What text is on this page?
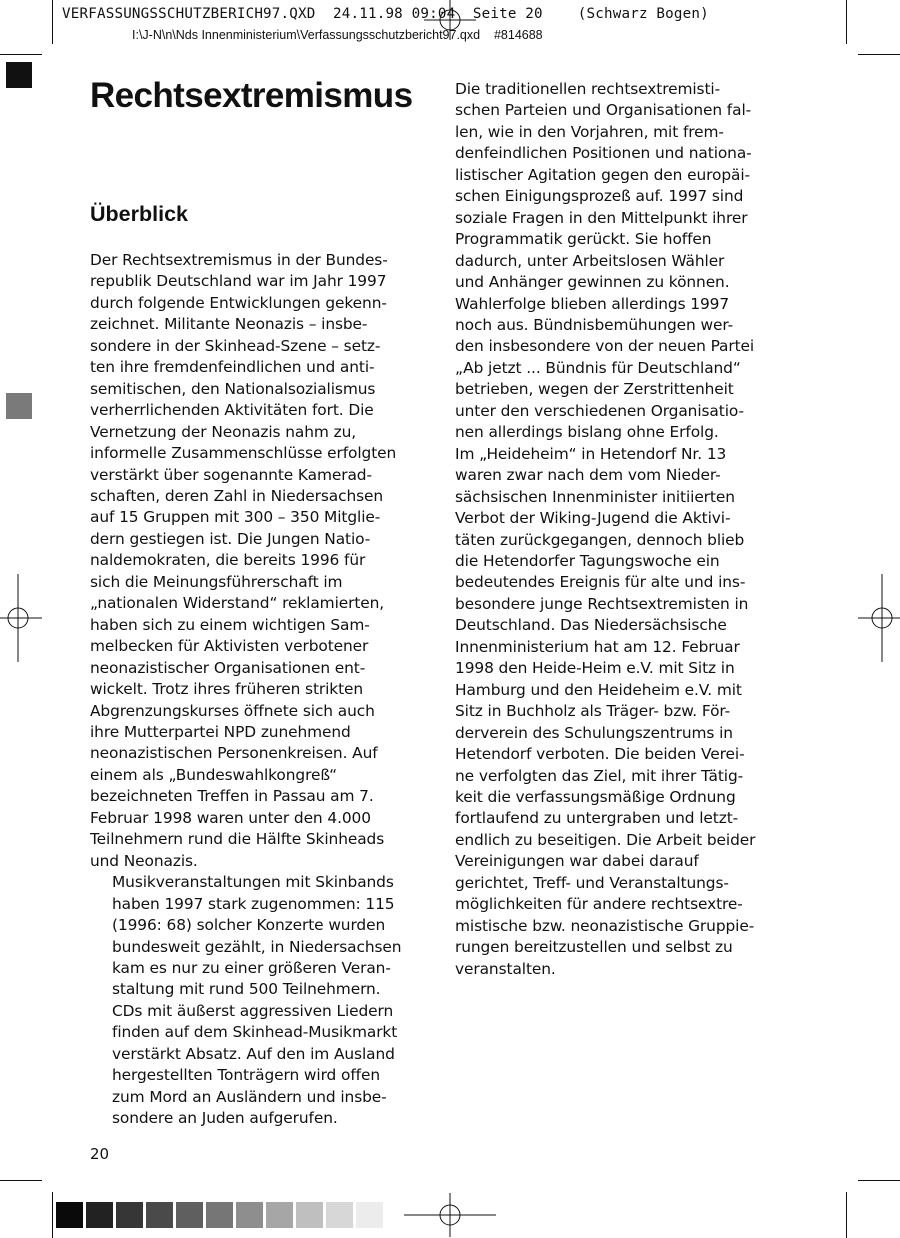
VERFASSUNGSSCHUTZBERICH97.QXD  24.11.98 09:04  Seite 20    (Schwarz Bogen)
I:\J-N\n\Nds Innenministerium\Verfassungsschutzbericht97.qxd    #814688
Rechtsextremismus
Überblick

Der Rechtsextremismus in der Bundes-
republik Deutschland war im Jahr 1997
durch folgende Entwicklungen gekenn-
zeichnet. Militante Neonazis – insbe-
sondere in der Skinhead-Szene – setz-
ten ihre fremdenfeindlichen und anti-
semitischen, den Nationalsozialismus
verherrlichenden Aktivitäten fort. Die
Vernetzung der Neonazis nahm zu,
informelle Zusammenschlüsse erfolgten
verstärkt über sogenannte Kamerad-
schaften, deren Zahl in Niedersachsen
auf 15 Gruppen mit 300 – 350 Mitglie-
dern gestiegen ist. Die Jungen Natio-
naldemokraten, die bereits 1996 für
sich die Meinungsführerschaft im
„nationalen Widerstand“ reklamierten,
haben sich zu einem wichtigen Sam-
melbecken für Aktivisten verbotener
neonazistischer Organisationen ent-
wickelt. Trotz ihres früheren strikten
Abgrenzungskurses öffnete sich auch
ihre Mutterpartei NPD zunehmend
neonazistischen Personenkreisen. Auf
einem als „Bundeswahlkongreß“
bezeichneten Treffen in Passau am 7.
Februar 1998 waren unter den 4.000
Teilnehmern rund die Hälfte Skinheads
und Neonazis.

Musikveranstaltungen mit Skinbands
haben 1997 stark zugenommen: 115
(1996: 68) solcher Konzerte wurden
bundesweit gezählt, in Niedersachsen
kam es nur zu einer größeren Veran-
staltung mit rund 500 Teilnehmern.
CDs mit äußerst aggressiven Liedern
finden auf dem Skinhead-Musikmarkt
verstärkt Absatz. Auf den im Ausland
hergestellten Tonträgern wird offen
zum Mord an Ausländern und insbe-
sondere an Juden aufgerufen.

Die traditionellen rechtsextremisti-
schen Parteien und Organisationen fal-
len, wie in den Vorjahren, mit frem-
denfeindlichen Positionen und nationa-
listischer Agitation gegen den europäi-
schen Einigungsprozeß auf. 1997 sind
soziale Fragen in den Mittelpunkt ihrer
Programmatik gerückt. Sie hoffen
dadurch, unter Arbeitslosen Wähler
und Anhänger gewinnen zu können.
Wahlerfolge blieben allerdings 1997
noch aus. Bündnisbemühungen wer-
den insbesondere von der neuen Partei
„Ab jetzt ... Bündnis für Deutschland“
betrieben, wegen der Zerstrittenheit
unter den verschiedenen Organisatio-
nen allerdings bislang ohne Erfolg.

Im „Heideheim“ in Hetendorf Nr. 13
waren zwar nach dem vom Nieder-
sächsischen Innenminister initiierten
Verbot der Wiking-Jugend die Aktivi-
täten zurückgegangen, dennoch blieb
die Hetendorfer Tagungswoche ein
bedeutendes Ereignis für alte und ins-
besondere junge Rechtsextremisten in
Deutschland. Das Niedersächsische
Innenministerium hat am 12. Februar
1998 den Heide-Heim e.V. mit Sitz in
Hamburg und den Heideheim e.V. mit
Sitz in Buchholz als Träger- bzw. För-
derverein des Schulungszentrums in
Hetendorf verboten. Die beiden Verei-
ne verfolgten das Ziel, mit ihrer Tätig-
keit die verfassungsmäßige Ordnung
fortlaufend zu untergraben und letzt-
endlich zu beseitigen. Die Arbeit beider
Vereinigungen war dabei darauf
gerichtet, Treff- und Veranstaltungs-
möglichkeiten für andere rechtsextre-
mistische bzw. neonazistische Gruppie-
rungen bereitzustellen und selbst zu
veranstalten.

20
